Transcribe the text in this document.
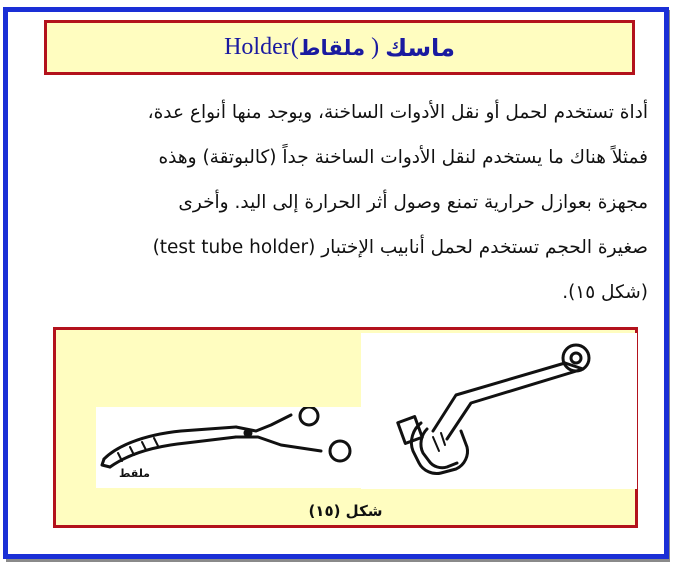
ماسك
(
ملقاط
)
Holder
أداة تستخدم لحمل أو نقل الأدوات الساخنة، ويوجد منها أنواع عدة،
فمثلاً هناك ما يستخدم لنقل الأدوات الساخنة جداً (كالبوتقة) وهذه
مجهزة بعوازل حرارية تمنع وصول أثر الحرارة إلى اليد. وأخرى
صغيرة الحجم تستخدم لحمل أنابيب الإختبار (test tube holder)
(شكل ١٥).
ملقط
شكل (١٥)
